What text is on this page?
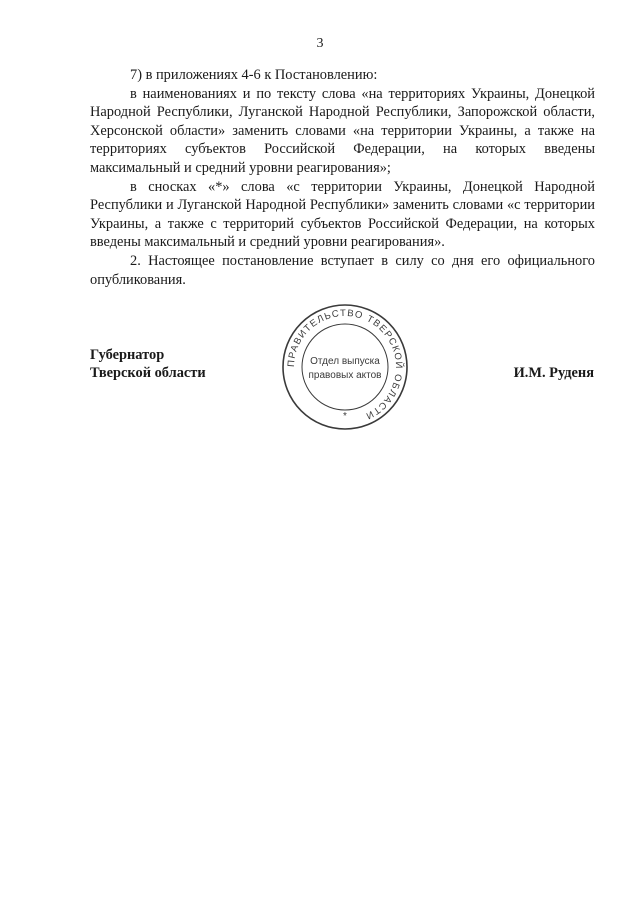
3

7) в приложениях 4-6 к Постановлению:

в наименованиях и по тексту слова «на территориях Украины, Донецкой Народной Республики, Луганской Народной Республики, Запорожской области, Херсонской области» заменить словами «на территории Украины, а также на территориях субъектов Российской Федерации, на которых введены максимальный и средний уровни реагирования»;

в сносках «*» слова «с территории Украины, Донецкой Народной Республики и Луганской Народной Республики» заменить словами «с территории Украины, а также с территорий субъектов Российской Федерации, на которых введены максимальный и средний уровни реагирования».

2. Настоящее постановление вступает в силу со дня его официального опубликования.

Губернатор
Тверской области	И.М. Руденя
ПРАВИТЕЛЬСТВО ТВЕРСКОЙ ОБЛАСТИ
Отдел выпуска
правовых актов
*
